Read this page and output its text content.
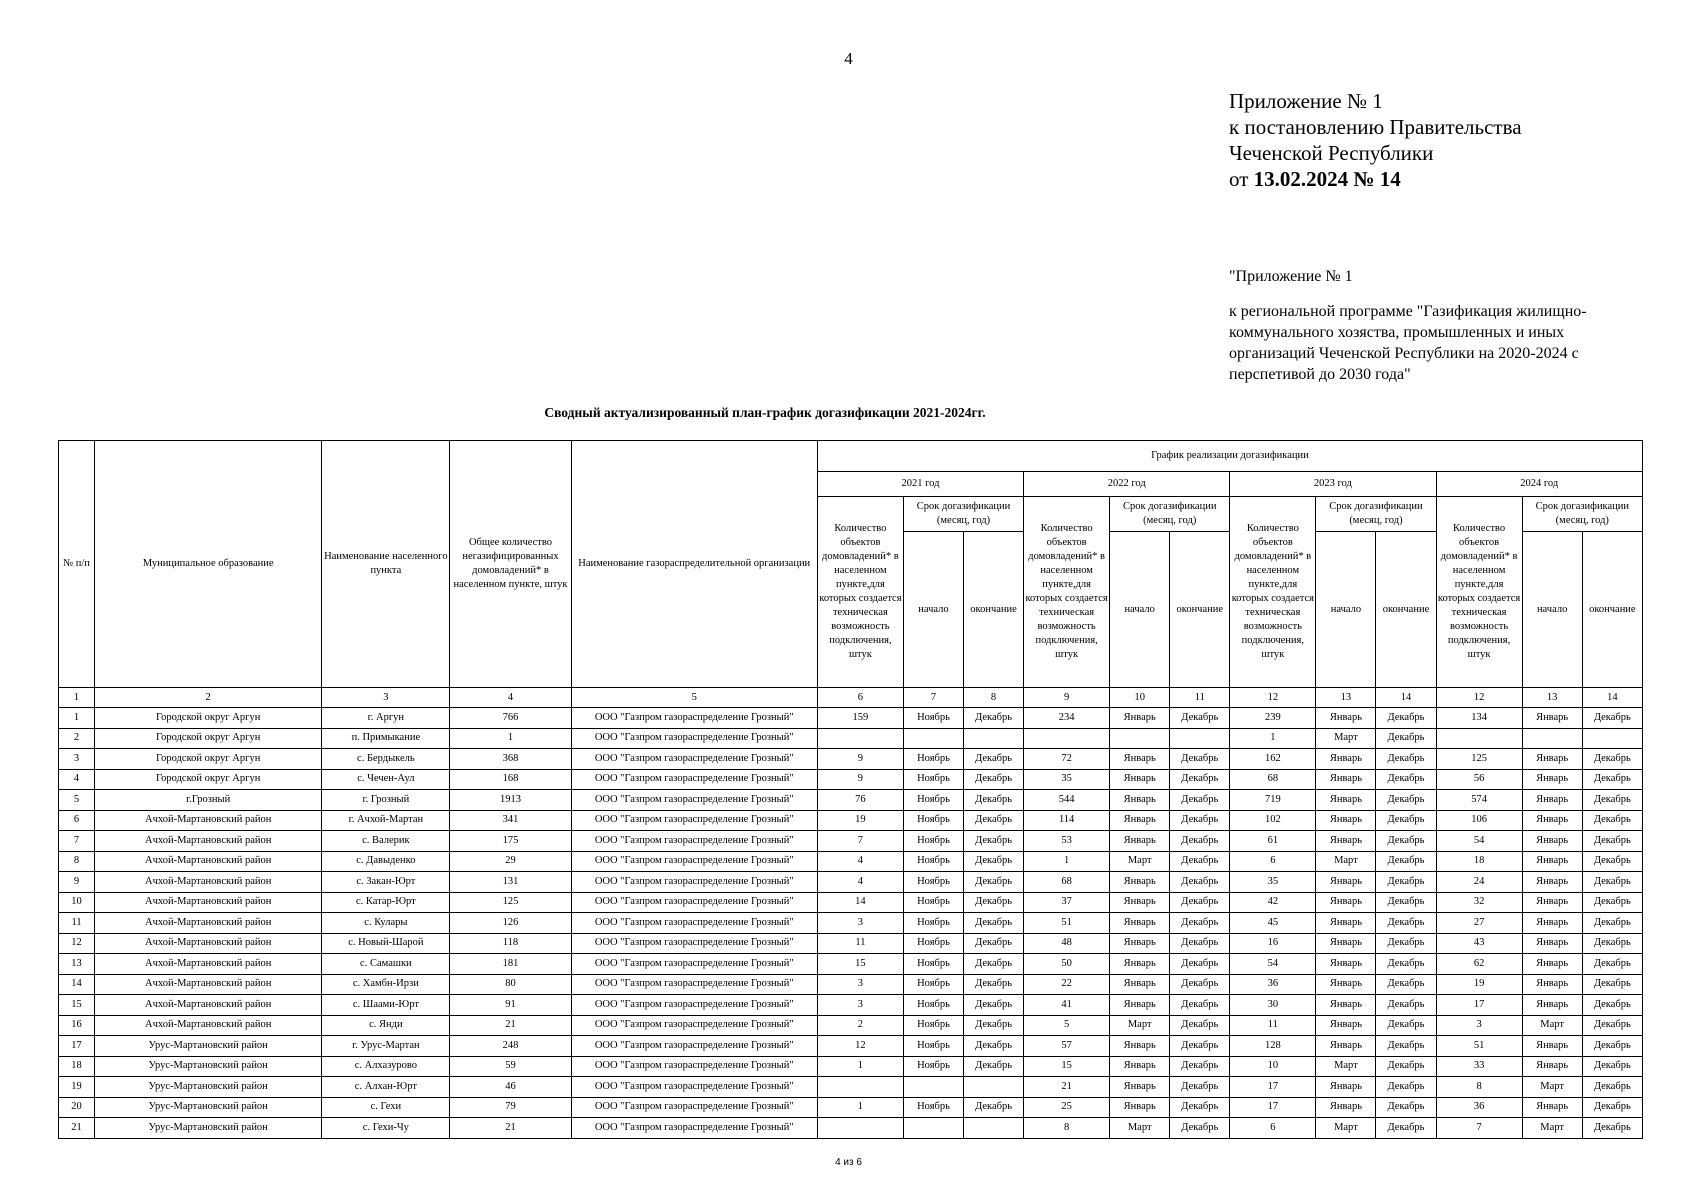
4
Приложение № 1
к постановлению Правительства
Чеченской Республики
от 13.02.2024 № 14
"Приложение № 1
к региональной программе "Газификация жилищно-коммунального хозяства, промышленных и иных организаций Чеченской Республики на 2020-2024 с перспетивой до 2030 года"
Сводный актуализированный план-график догазификации 2021-2024гг.
№ п/п	Муниципальное образование	Наименование населенного пункта	Общее количество негазифицированных домовладений* в населенном пункте, штук	Наименование газораспределительной организации	График реализации догазификации											
					2021 год			2022 год			2023 год			2024 год		
					Количество объектов домовладений* в населенном пункте,для которых создается техническая возможность подключения, штук	Срок догазификации (месяц, год)		Количество объектов домовладений* в населенном пункте,для которых создается техническая возможность подключения, штук	Срок догазификации (месяц, год)		Количество объектов домовладений* в населенном пункте,для которых создается техническая возможность подключения, штук	Срок догазификации (месяц, год)		Количество объектов домовладений* в населенном пункте,для которых создается техническая возможность подключения, штук	Срок догазификации (месяц, год)	
						начало	окончание		начало	окончание		начало	окончание		начало	окончание
1	2	3	4	5	6	7	8	9	10	11	12	13	14	12	13	14
1	Городской округ Аргун	г. Аргун	766	ООО "Газпром газораспределение Грозный"	159	Ноябрь	Декабрь	234	Январь	Декабрь	239	Январь	Декабрь	134	Январь	Декабрь
2	Городской округ Аргун	п. Примыкание	1	ООО "Газпром газораспределение Грозный"							1	Март	Декабрь			
3	Городской округ Аргун	с. Бердыкель	368	ООО "Газпром газораспределение Грозный"	9	Ноябрь	Декабрь	72	Январь	Декабрь	162	Январь	Декабрь	125	Январь	Декабрь
4	Городской округ Аргун	с. Чечен-Аул	168	ООО "Газпром газораспределение Грозный"	9	Ноябрь	Декабрь	35	Январь	Декабрь	68	Январь	Декабрь	56	Январь	Декабрь
5	г.Грозный	г. Грозный	1913	ООО "Газпром газораспределение Грозный"	76	Ноябрь	Декабрь	544	Январь	Декабрь	719	Январь	Декабрь	574	Январь	Декабрь
6	Ачхой-Мартановский район	г. Ачхой-Мартан	341	ООО "Газпром газораспределение Грозный"	19	Ноябрь	Декабрь	114	Январь	Декабрь	102	Январь	Декабрь	106	Январь	Декабрь
7	Ачхой-Мартановский район	с. Валерик	175	ООО "Газпром газораспределение Грозный"	7	Ноябрь	Декабрь	53	Январь	Декабрь	61	Январь	Декабрь	54	Январь	Декабрь
8	Ачхой-Мартановский район	с. Давыденко	29	ООО "Газпром газораспределение Грозный"	4	Ноябрь	Декабрь	1	Март	Декабрь	6	Март	Декабрь	18	Январь	Декабрь
9	Ачхой-Мартановский район	с. Закан-Юрт	131	ООО "Газпром газораспределение Грозный"	4	Ноябрь	Декабрь	68	Январь	Декабрь	35	Январь	Декабрь	24	Январь	Декабрь
10	Ачхой-Мартановский район	с. Катар-Юрт	125	ООО "Газпром газораспределение Грозный"	14	Ноябрь	Декабрь	37	Январь	Декабрь	42	Январь	Декабрь	32	Январь	Декабрь
11	Ачхой-Мартановский район	с. Кулары	126	ООО "Газпром газораспределение Грозный"	3	Ноябрь	Декабрь	51	Январь	Декабрь	45	Январь	Декабрь	27	Январь	Декабрь
12	Ачхой-Мартановский район	с. Новый-Шарой	118	ООО "Газпром газораспределение Грозный"	11	Ноябрь	Декабрь	48	Январь	Декабрь	16	Январь	Декабрь	43	Январь	Декабрь
13	Ачхой-Мартановский район	с. Самашки	181	ООО "Газпром газораспределение Грозный"	15	Ноябрь	Декабрь	50	Январь	Декабрь	54	Январь	Декабрь	62	Январь	Декабрь
14	Ачхой-Мартановский район	с. Хамбн-Ирзи	80	ООО "Газпром газораспределение Грозный"	3	Ноябрь	Декабрь	22	Январь	Декабрь	36	Январь	Декабрь	19	Январь	Декабрь
15	Ачхой-Мартановский район	с. Шаами-Юрт	91	ООО "Газпром газораспределение Грозный"	3	Ноябрь	Декабрь	41	Январь	Декабрь	30	Январь	Декабрь	17	Январь	Декабрь
16	Ачхой-Мартановский район	с. Янди	21	ООО "Газпром газораспределение Грозный"	2	Ноябрь	Декабрь	5	Март	Декабрь	11	Январь	Декабрь	3	Март	Декабрь
17	Урус-Мартановский район	г. Урус-Мартан	248	ООО "Газпром газораспределение Грозный"	12	Ноябрь	Декабрь	57	Январь	Декабрь	128	Январь	Декабрь	51	Январь	Декабрь
18	Урус-Мартановский район	с. Алхазурово	59	ООО "Газпром газораспределение Грозный"	1	Ноябрь	Декабрь	15	Январь	Декабрь	10	Март	Декабрь	33	Январь	Декабрь
19	Урус-Мартановский район	с. Алхан-Юрт	46	ООО "Газпром газораспределение Грозный"				21	Январь	Декабрь	17	Январь	Декабрь	8	Март	Декабрь
20	Урус-Мартановский район	с. Гехи	79	ООО "Газпром газораспределение Грозный"	1	Ноябрь	Декабрь	25	Январь	Декабрь	17	Январь	Декабрь	36	Январь	Декабрь
21	Урус-Мартановский район	с. Гехи-Чу	21	ООО "Газпром газораспределение Грозный"				8	Март	Декабрь	6	Март	Декабрь	7	Март	Декабрь
4 из 6
